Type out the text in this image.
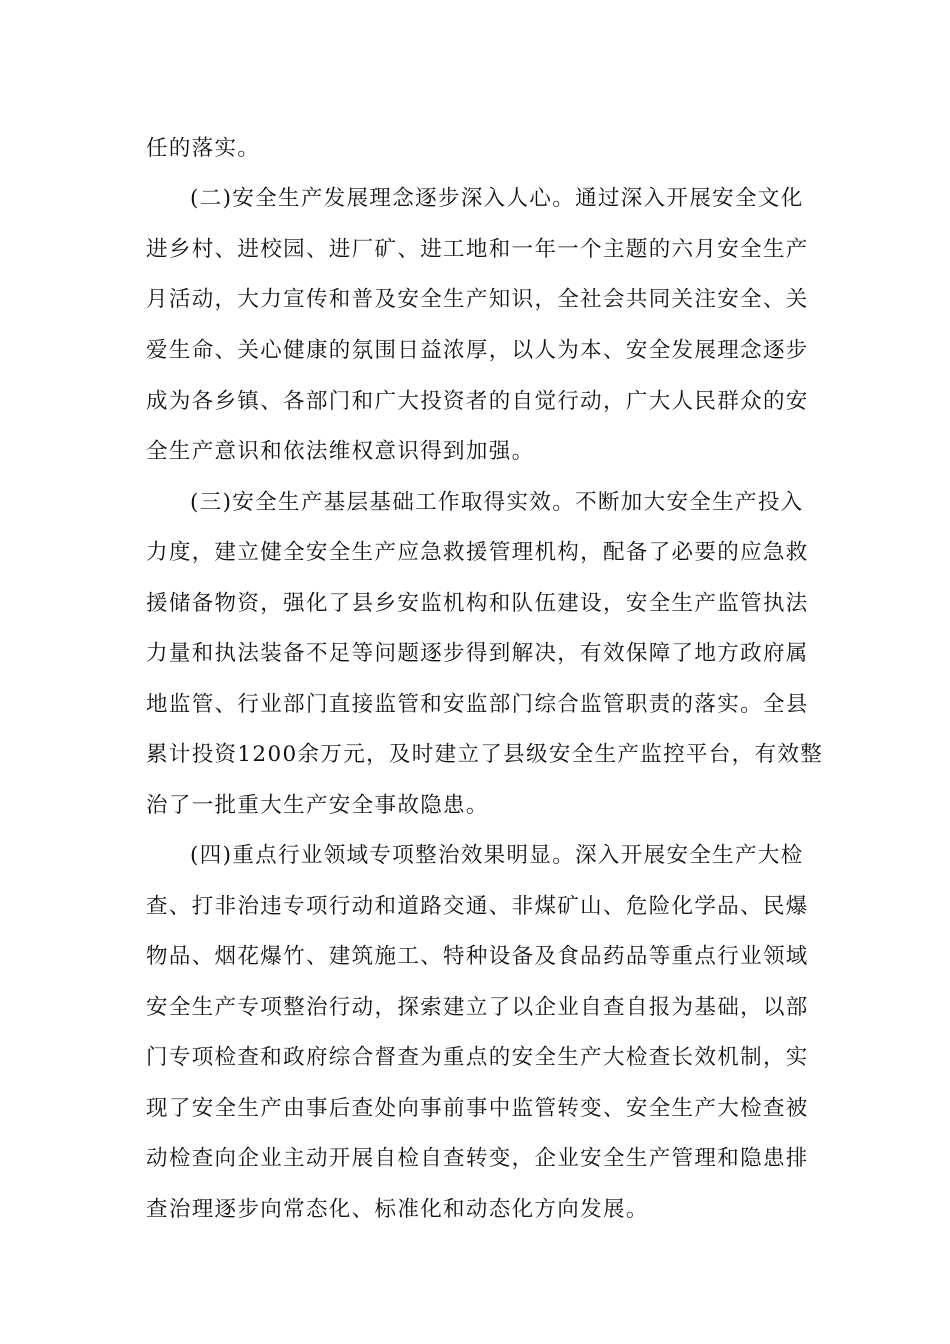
任的落实。
(二)安全生产发展理念逐步深入人心。通过深入开展安全文化
进乡村、进校园、进厂矿、进工地和一年一个主题的六月安全生产
月活动，大力宣传和普及安全生产知识，全社会共同关注安全、关
爱生命、关心健康的氛围日益浓厚，以人为本、安全发展理念逐步
成为各乡镇、各部门和广大投资者的自觉行动，广大人民群众的安
全生产意识和依法维权意识得到加强。
(三)安全生产基层基础工作取得实效。不断加大安全生产投入
力度，建立健全安全生产应急救援管理机构，配备了必要的应急救
援储备物资，强化了县乡安监机构和队伍建设，安全生产监管执法
力量和执法装备不足等问题逐步得到解决，有效保障了地方政府属
地监管、行业部门直接监管和安监部门综合监管职责的落实。全县
累计投资1200余万元，及时建立了县级安全生产监控平台，有效整
治了一批重大生产安全事故隐患。
(四)重点行业领域专项整治效果明显。深入开展安全生产大检
查、打非治违专项行动和道路交通、非煤矿山、危险化学品、民爆
物品、烟花爆竹、建筑施工、特种设备及食品药品等重点行业领域
安全生产专项整治行动，探索建立了以企业自查自报为基础，以部
门专项检查和政府综合督查为重点的安全生产大检查长效机制，实
现了安全生产由事后查处向事前事中监管转变、安全生产大检查被
动检查向企业主动开展自检自查转变，企业安全生产管理和隐患排
查治理逐步向常态化、标准化和动态化方向发展。
